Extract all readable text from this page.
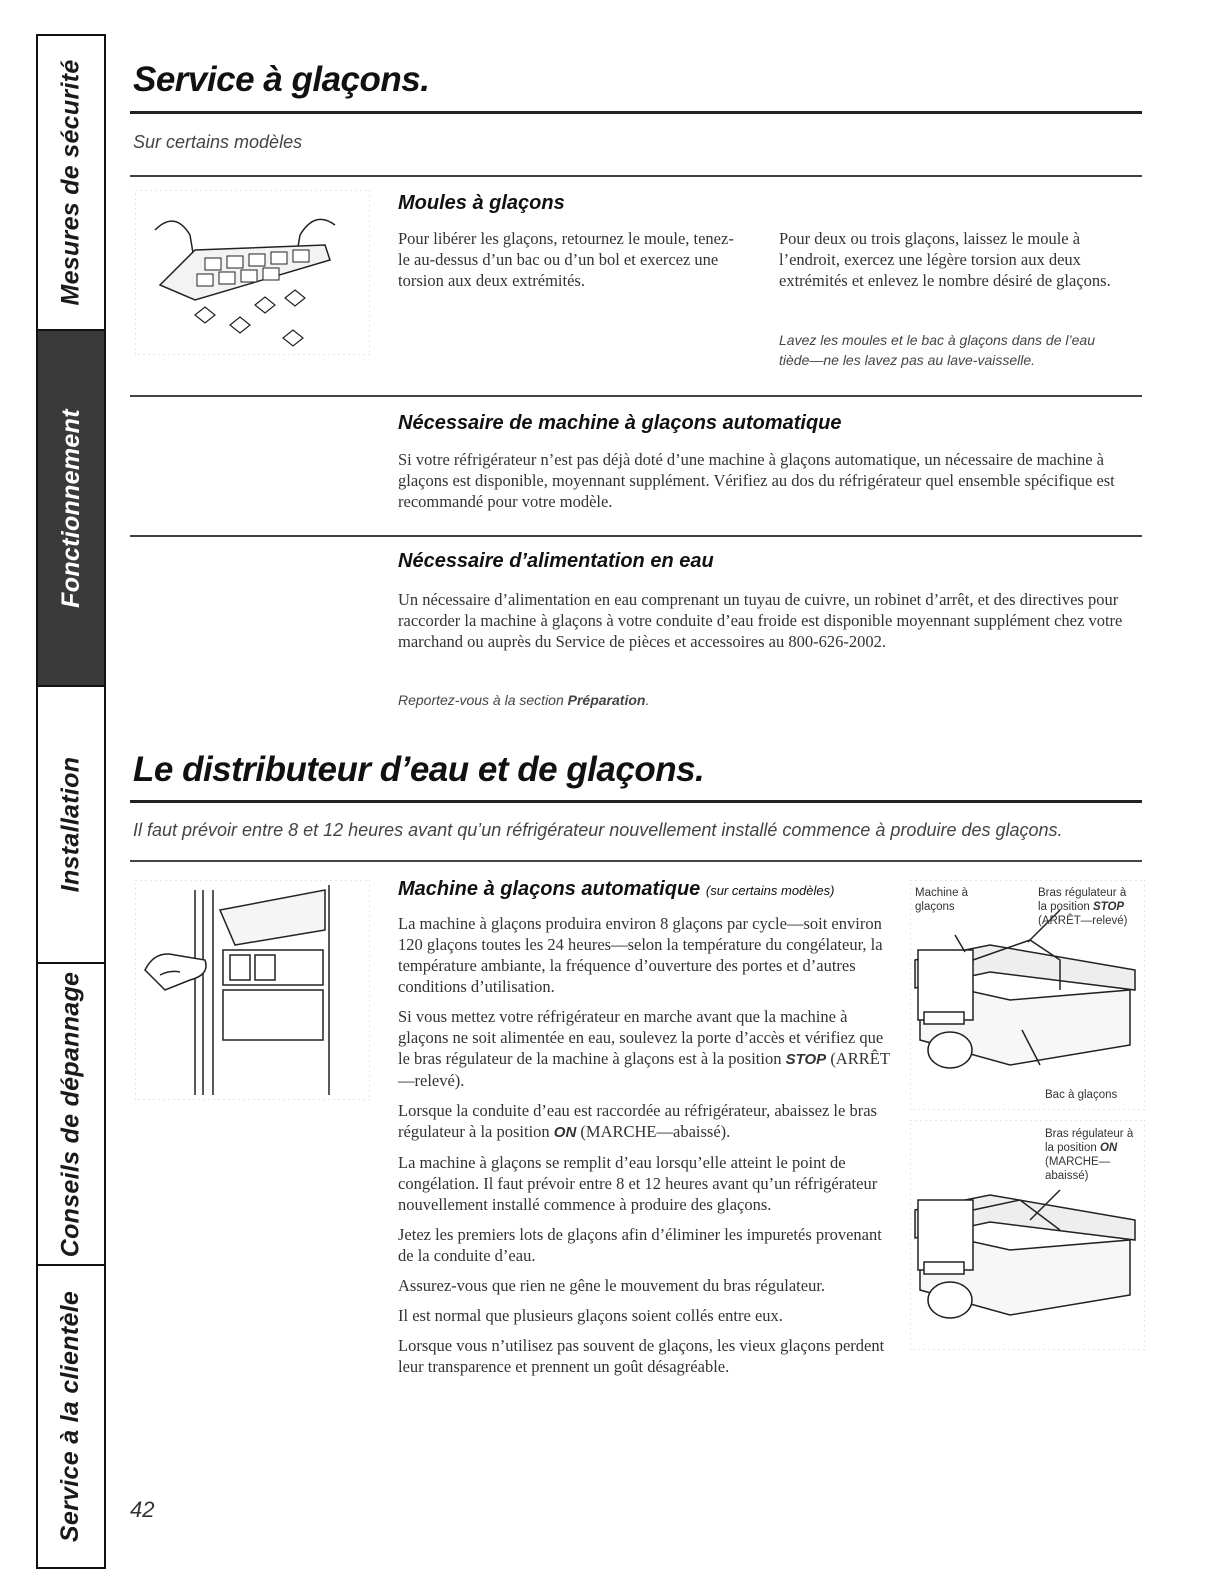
Mesures de sécurité
Fonctionnement
Installation
Conseils de dépannage
Service à la clientèle
Service à glaçons.
Sur certains modèles
Moules à glaçons

Pour libérer les glaçons, retournez le moule, tenez-le au-dessus d’un bac ou d’un bol et exercez une torsion aux deux extrémités.

Pour deux ou trois glaçons, laissez le moule à l’endroit, exercez une légère torsion aux deux extrémités et enlevez le nombre désiré de glaçons.

Lavez les moules et le bac à glaçons dans de l’eau tiède—ne les lavez pas au lave-vaisselle.

Nécessaire de machine à glaçons automatique

Si votre réfrigérateur n’est pas déjà doté d’une machine à glaçons automatique, un nécessaire de machine à glaçons est disponible, moyennant supplément. Vérifiez au dos du réfrigérateur quel ensemble spécifique est recommandé pour votre modèle.

Nécessaire d’alimentation en eau

Un nécessaire d’alimentation en eau comprenant un tuyau de cuivre, un robinet d’arrêt, et des directives pour raccorder la machine à glaçons à votre conduite d’eau froide est disponible moyennant supplément chez votre marchand ou auprès du Service de pièces et accessoires au 800-626-2002.

Reportez-vous à la section Préparation.

Le distributeur d’eau et de glaçons.
Il faut prévoir entre 8 et 12 heures avant qu’un réfrigérateur nouvellement installé commence à produire des glaçons.
Machine à glaçons automatique (sur certains modèles)

La machine à glaçons produira environ 8 glaçons par cycle—soit environ 120 glaçons toutes les 24 heures—selon la température du congélateur, la température ambiante, la fréquence d’ouverture des portes et d’autres conditions d’utilisation.

Si vous mettez votre réfrigérateur en marche avant que la machine à glaçons ne soit alimentée en eau, soulevez la porte d’accès et vérifiez que le bras régulateur de la machine à glaçons est à la position STOP (ARRÊT—relevé).

Lorsque la conduite d’eau est raccordée au réfrigérateur, abaissez le bras régulateur à la position ON (MARCHE—abaissé).

La machine à glaçons se remplit d’eau lorsqu’elle atteint le point de congélation. Il faut prévoir entre 8 et 12 heures avant qu’un réfrigérateur nouvellement installé commence à produire des glaçons.

Jetez les premiers lots de glaçons afin d’éliminer les impuretés provenant de la conduite d’eau.

Assurez-vous que rien ne gêne le mouvement du bras régulateur.

Il est normal que plusieurs glaçons soient collés entre eux.

Lorsque vous n’utilisez pas souvent de glaçons, les vieux glaçons perdent leur transparence et prennent un goût désagréable.

Machine à
glaçons
Bras régulateur à
la position STOP
(ARRÊT—relevé)
Bac à glaçons
Bras régulateur à
la position ON
(MARCHE—
abaissé)
42
